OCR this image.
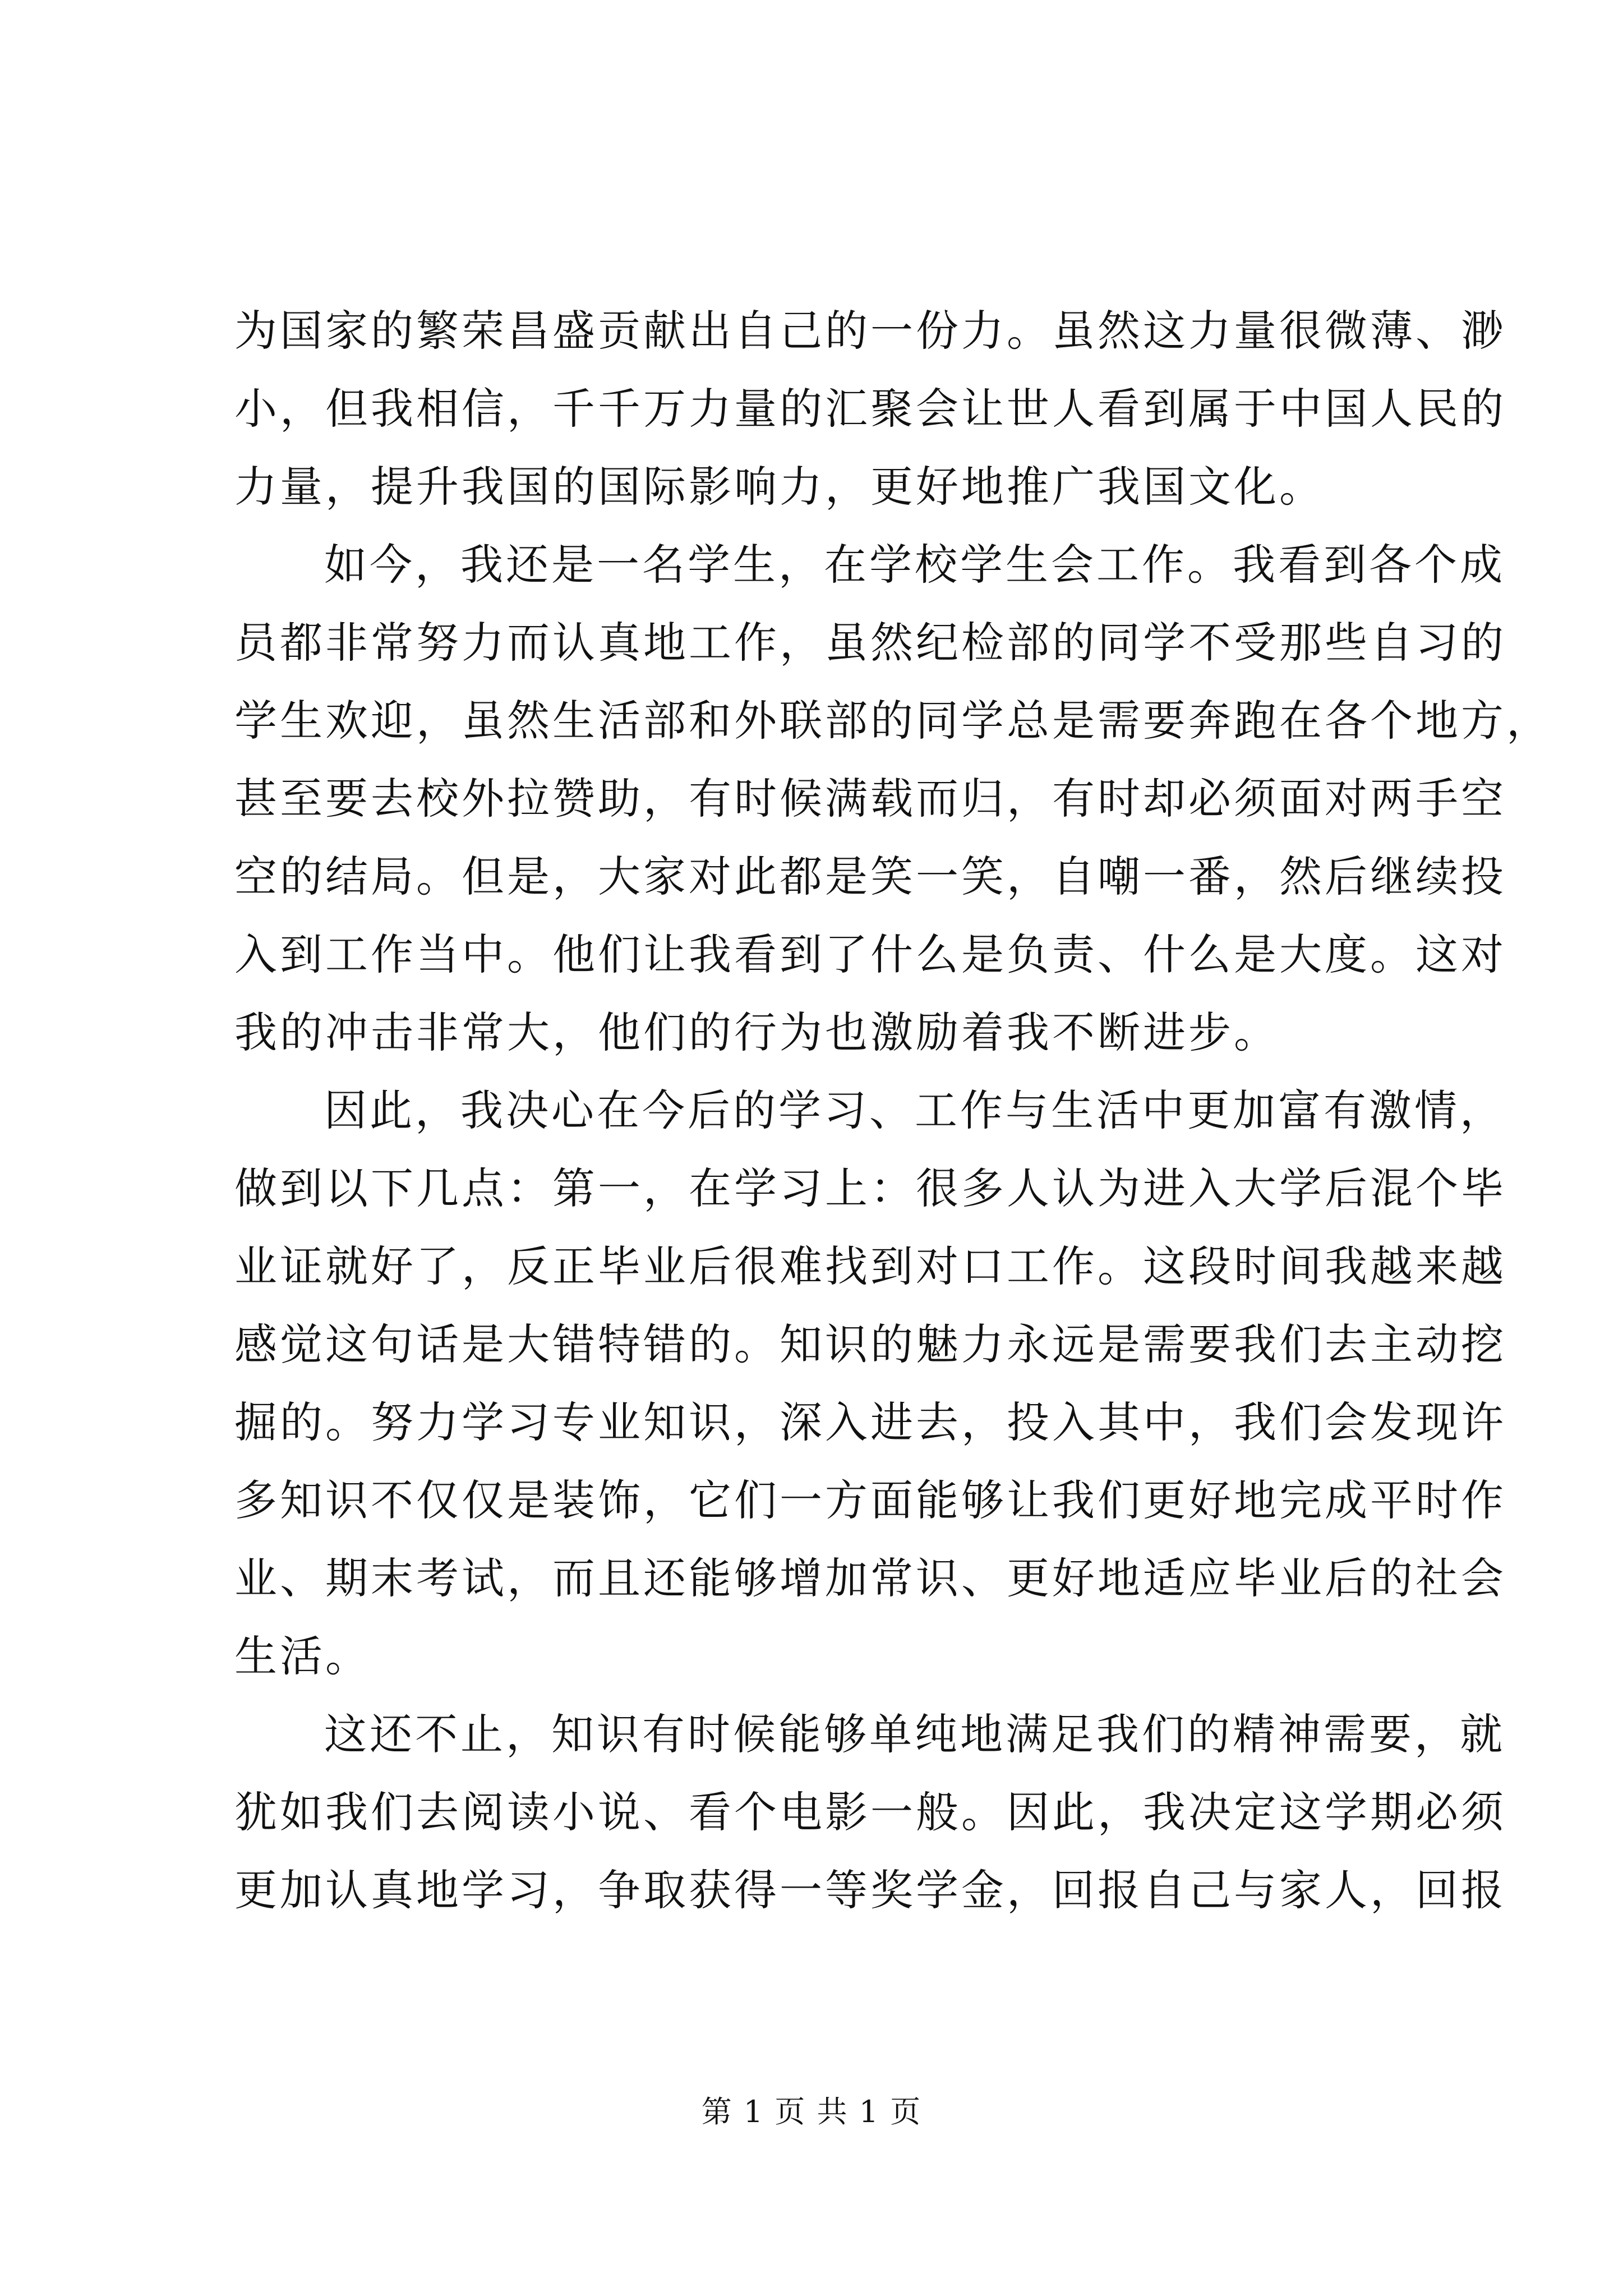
为国家的繁荣昌盛贡献出自己的一份力。虽然这力量很微薄、渺
小，但我相信，千千万力量的汇聚会让世人看到属于中国人民的
力量，提升我国的国际影响力，更好地推广我国文化。
如今，我还是一名学生，在学校学生会工作。我看到各个成
员都非常努力而认真地工作，虽然纪检部的同学不受那些自习的
学生欢迎，虽然生活部和外联部的同学总是需要奔跑在各个地方，
甚至要去校外拉赞助，有时候满载而归，有时却必须面对两手空
空的结局。但是，大家对此都是笑一笑，自嘲一番，然后继续投
入到工作当中。他们让我看到了什么是负责、什么是大度。这对
我的冲击非常大，他们的行为也激励着我不断进步。
因此，我决心在今后的学习、工作与生活中更加富有激情，
做到以下几点：第一，在学习上：很多人认为进入大学后混个毕
业证就好了，反正毕业后很难找到对口工作。这段时间我越来越
感觉这句话是大错特错的。知识的魅力永远是需要我们去主动挖
掘的。努力学习专业知识，深入进去，投入其中，我们会发现许
多知识不仅仅是装饰，它们一方面能够让我们更好地完成平时作
业、期末考试，而且还能够增加常识、更好地适应毕业后的社会
生活。
这还不止，知识有时候能够单纯地满足我们的精神需要，就
犹如我们去阅读小说、看个电影一般。因此，我决定这学期必须
更加认真地学习，争取获得一等奖学金，回报自己与家人，回报
第 1 页 共 1 页
